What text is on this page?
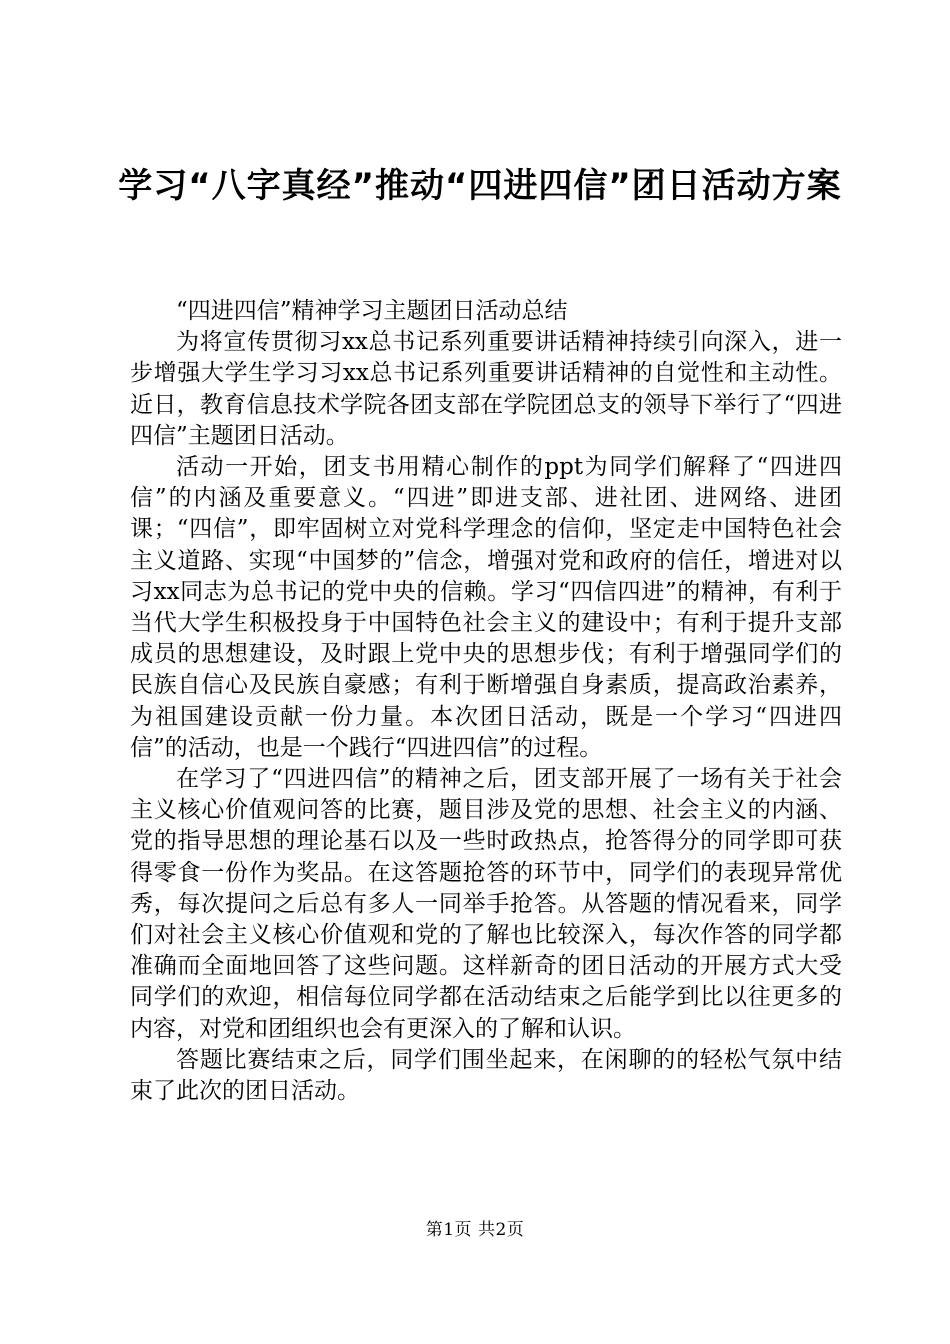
学习“八字真经”推动“四进四信”团日活动方案
“四进四信”精神学习主题团日活动总结

为将宣传贯彻习xx总书记系列重要讲话精神持续引向深入，进一步增强大学生学习习xx总书记系列重要讲话精神的自觉性和主动性。近日，教育信息技术学院各团支部在学院团总支的领导下举行了“四进四信”主题团日活动。

活动一开始，团支书用精心制作的ppt为同学们解释了“四进四信”的内涵及重要意义。“四进”即进支部、进社团、进网络、进团课；“四信”，即牢固树立对党科学理念的信仰，坚定走中国特色社会主义道路、实现“中国梦的”信念，增强对党和政府的信任，增进对以习xx同志为总书记的党中央的信赖。学习“四信四进”的精神，有利于当代大学生积极投身于中国特色社会主义的建设中；有利于提升支部成员的思想建设，及时跟上党中央的思想步伐；有利于增强同学们的民族自信心及民族自豪感；有利于断增强自身素质，提高政治素养，为祖国建设贡献一份力量。本次团日活动，既是一个学习“四进四信”的活动，也是一个践行“四进四信”的过程。

在学习了“四进四信”的精神之后，团支部开展了一场有关于社会主义核心价值观问答的比赛，题目涉及党的思想、社会主义的内涵、党的指导思想的理论基石以及一些时政热点，抢答得分的同学即可获得零食一份作为奖品。在这答题抢答的环节中，同学们的表现异常优秀，每次提问之后总有多人一同举手抢答。从答题的情况看来，同学们对社会主义核心价值观和党的了解也比较深入，每次作答的同学都准确而全面地回答了这些问题。这样新奇的团日活动的开展方式大受同学们的欢迎，相信每位同学都在活动结束之后能学到比以往更多的内容，对党和团组织也会有更深入的了解和认识。

答题比赛结束之后，同学们围坐起来，在闲聊的的轻松气氛中结束了此次的团日活动。

第1页 共2页
